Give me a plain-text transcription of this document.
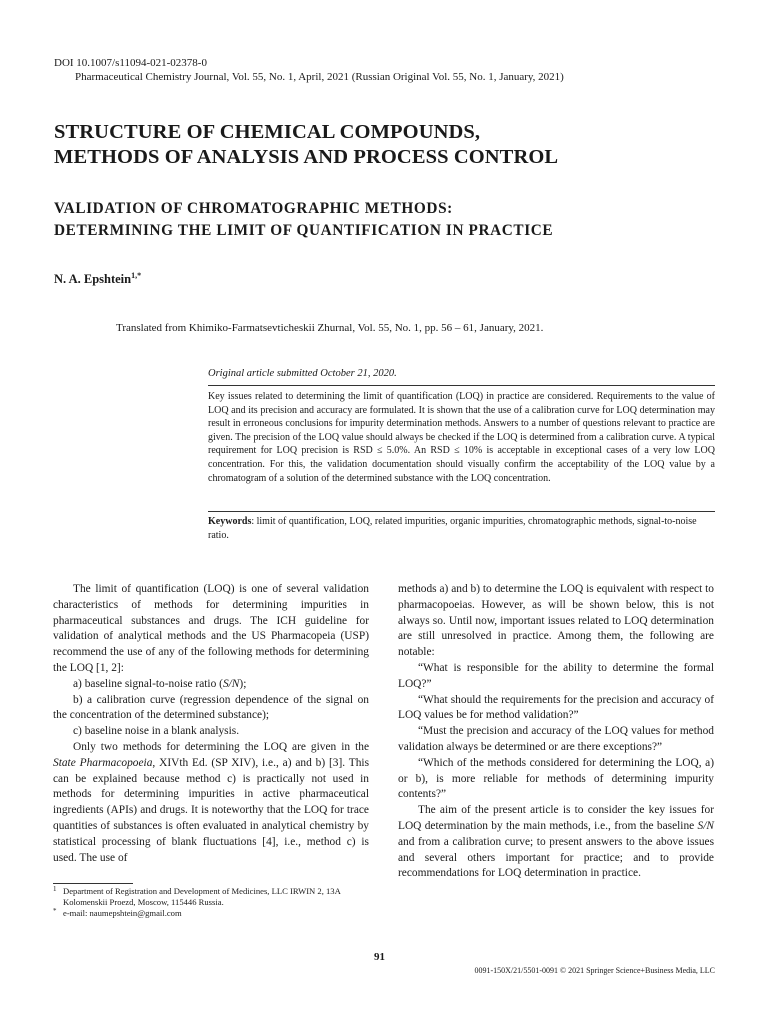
DOI 10.1007/s11094-021-02378-0
Pharmaceutical Chemistry Journal, Vol. 55, No. 1, April, 2021 (Russian Original Vol. 55, No. 1, January, 2021)
STRUCTURE OF CHEMICAL COMPOUNDS,
METHODS OF ANALYSIS AND PROCESS CONTROL
VALIDATION OF CHROMATOGRAPHIC METHODS:
DETERMINING THE LIMIT OF QUANTIFICATION IN PRACTICE
N. A. Epshtein$^{1,*}$
Translated from Khimiko-Farmatsevticheskii Zhurnal, Vol. 55, No. 1, pp. 56 – 61, January, 2021.
Original article submitted October 21, 2020.
Key issues related to determining the limit of quantification (LOQ) in practice are considered. Requirements to the value of LOQ and its precision and accuracy are formulated. It is shown that the use of a calibration curve for LOQ determination may result in erroneous conclusions for impurity determination methods. Answers to a number of questions relevant to practice are given. The precision of the LOQ value should always be checked if the LOQ is determined from a calibration curve. A typical requirement for LOQ precision is RSD ≤ 5.0%. An RSD ≤ 10% is acceptable in exceptional cases of a very low LOQ concentration. For this, the validation documentation should visually confirm the acceptability of the LOQ value by a chromatogram of a solution of the determined substance with the LOQ concentration.
Keywords: limit of quantification, LOQ, related impurities, organic impurities, chromatographic methods, signal-to-noise ratio.

The limit of quantification (LOQ) is one of several validation characteristics of methods for determining impurities in pharmaceutical substances and drugs. The ICH guideline for validation of analytical methods and the US Pharmacopeia (USP) recommend the use of any of the following methods for determining the LOQ [1, 2]:

a) baseline signal-to-noise ratio (S/N);

b) a calibration curve (regression dependence of the signal on the concentration of the determined substance);

c) baseline noise in a blank analysis.

Only two methods for determining the LOQ are given in the State Pharmacopoeia, XIVth Ed. (SP XIV), i.e., a) and b) [3]. This can be explained because method c) is practically not used in methods for determining impurities in active pharmaceutical ingredients (APIs) and drugs. It is noteworthy that the LOQ for trace quantities of substances is often evaluated in analytical chemistry by statistical processing of blank fluctuations [4], i.e., method c) is used. The use of

methods a) and b) to determine the LOQ is equivalent with respect to pharmacopoeias. However, as will be shown below, this is not always so. Until now, important issues related to LOQ determination are still unresolved in practice. Among them, the following are notable:

“What is responsible for the ability to determine the formal LOQ?”

“What should the requirements for the precision and accuracy of LOQ values be for method validation?”

“Must the precision and accuracy of the LOQ values for method validation always be determined or are there exceptions?”

“Which of the methods considered for determining the LOQ, a) or b), is more reliable for methods of determining impurity contents?”

The aim of the present article is to consider the key issues for LOQ determination by the main methods, i.e., from the baseline S/N and from a calibration curve; to present answers to the above issues and several others important for practice; and to provide recommendations for LOQ determination in practice.

1 Department of Registration and Development of Medicines, LLC IRWIN 2, 13A Kolomenskii Proezd, Moscow, 115446 Russia.
* e-mail: naumepshtein@gmail.com
91
0091-150X/21/5501-0091 © 2021 Springer Science+Business Media, LLC
